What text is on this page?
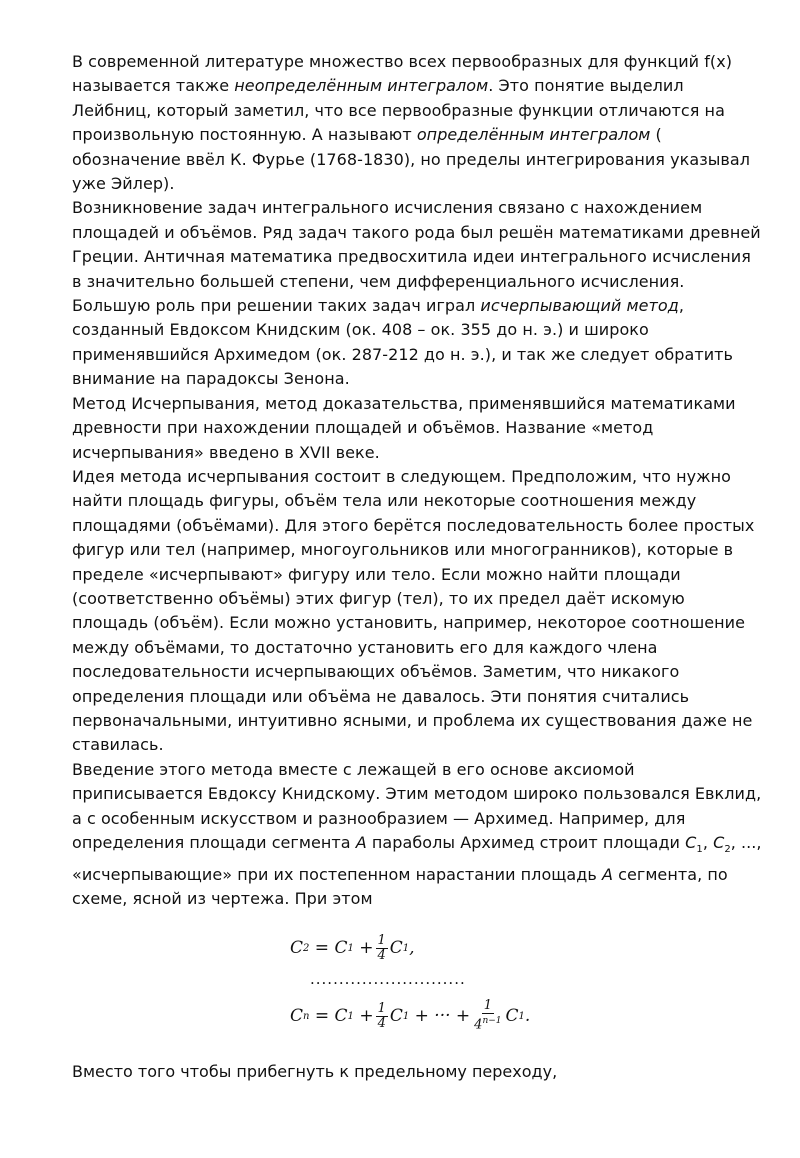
В современной литературе множество всех первообразных для функций f(x) называется также неопределённым интегралом. Это понятие выделил Лейбниц, который заметил, что все первообразные функции отличаются на произвольную постоянную. А называют определённым интегралом ( обозначение ввёл К. Фурье (1768-1830), но пределы интегрирования указывал уже Эйлер).

Возникновение задач интегрального исчисления связано с нахождением площадей и объёмов. Ряд задач такого рода был решён математиками древней Греции. Античная математика предвосхитила идеи интегрального исчисления в значительно большей степени, чем дифференциального исчисления. Большую роль при решении таких задач играл исчерпывающий метод, созданный Евдоксом Книдским (ок. 408 – ок. 355 до н. э.) и широко применявшийся Архимедом (ок. 287-212 до н. э.), и так же следует обратить внимание на парадоксы Зенона.

Метод Исчерпывания, метод доказательства, применявшийся математиками древности при нахождении площадей и объёмов. Название «метод исчерпывания» введено в XVII веке.

Идея метода исчерпывания состоит в следующем. Предположим, что нужно найти площадь фигуры, объём тела или некоторые соотношения между площадями (объёмами). Для этого берётся последовательность более простых фигур или тел (например, многоугольников или многогранников), которые в пределе «исчерпывают» фигуру или тело. Если можно найти площади (соответственно объёмы) этих фигур (тел), то их предел даёт искомую площадь (объём). Если можно установить, например, некоторое соотношение между объёмами, то достаточно установить его для каждого члена последовательности исчерпывающих объёмов. Заметим, что никакого определения площади или объёма не давалось. Эти понятия считались первоначальными, интуитивно ясными, и проблема их существования даже не ставилась.

Введение этого метода вместе с лежащей в его основе аксиомой приписывается Евдоксу Книдскому. Этим методом широко пользовался Евклид, а с особенным искусством и разнообразием — Архимед. Например, для определения площади сегмента A параболы Архимед строит площади $C_1$, $C_2$, ..., «исчерпывающие» при их постепенном нарастании площадь A сегмента, по схеме, ясной из чертежа. При этом

C 2
=
C 1
+ $\frac{1}{4}$ C 1 ,
...........................
C n
=
C 1
+ $\frac{1}{4}$ C 1
+ ··· + $\frac{1}{4^{n-1}}$ C 1 .
Вместо того чтобы прибегнуть к предельному переходу,
